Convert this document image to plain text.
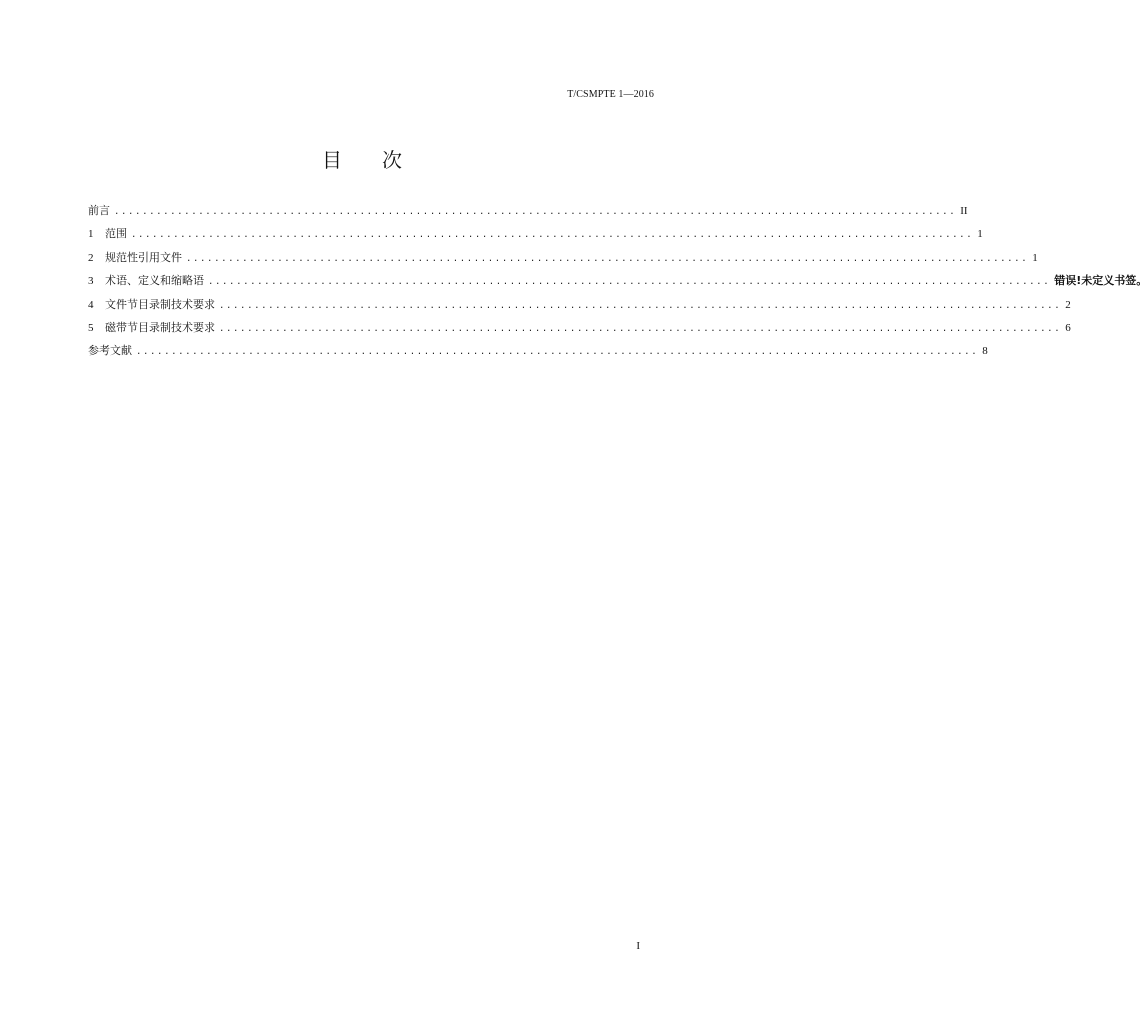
T/CSMPTE 1—2016
目 次
前言 ........................................................................................................................ II
1	范围 ........................................................................................................................ 1
2	规范性引用文件 ........................................................................................................................ 1
3	术语、定义和缩略语 ........................................................................................................................ 错误!未定义书签。
4	文件节目录制技术要求 ........................................................................................................................ 2
5	磁带节目录制技术要求 ........................................................................................................................ 6
参考文献 ........................................................................................................................ 8
I
